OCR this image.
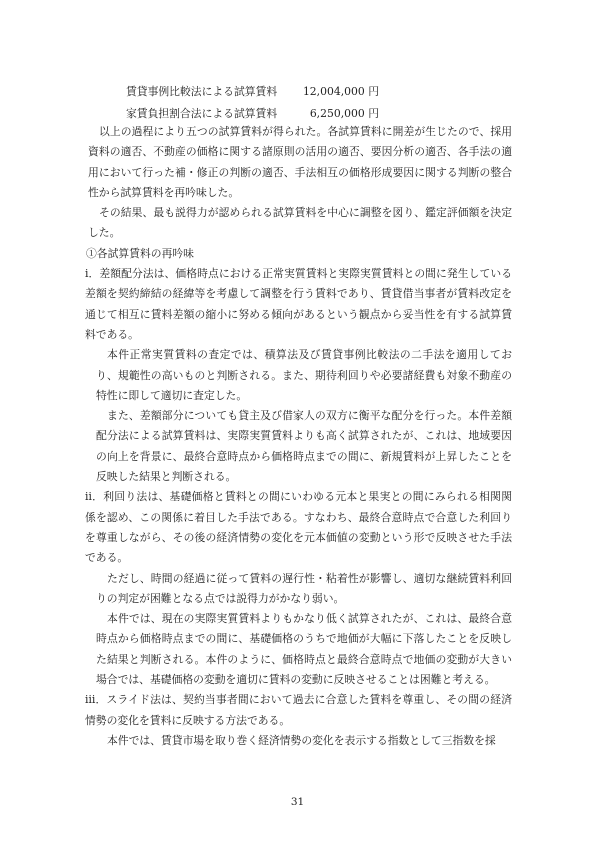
賃貸事例比較法による試算賃料 12,004,000 円
家賃負担割合法による試算賃料	6,250,000 円

以上の過程により五つの試算賃料が得られた。各試算賃料に開差が生じたので、採用資料の適否、不動産の価格に関する諸原則の活用の適否、要因分析の適否、各手法の適用において行った補・修正の判断の適否、手法相互の価格形成要因に関する判断の整合性から試算賃料を再吟味した。

その結果、最も説得力が認められる試算賃料を中心に調整を図り、鑑定評価額を決定した。

①各試算賃料の再吟味

ⅰ．差額配分法は、価格時点における正常実質賃料と実際実質賃料との間に発生している差額を契約締結の経緯等を考慮して調整を行う賃料であり、賃貸借当事者が賃料改定を通じて相互に賃料差額の縮小に努める傾向があるという観点から妥当性を有する試算賃料である。

本件正常実質賃料の査定では、積算法及び賃貸事例比較法の二手法を適用しており、規範性の高いものと判断される。また、期待利回りや必要諸経費も対象不動産の特性に即して適切に査定した。

また、差額部分についても貸主及び借家人の双方に衡平な配分を行った。本件差額配分法による試算賃料は、実際実質賃料よりも高く試算されたが、これは、地域要因の向上を背景に、最終合意時点から価格時点までの間に、新規賃料が上昇したことを反映した結果と判断される。

ⅱ．利回り法は、基礎価格と賃料との間にいわゆる元本と果実との間にみられる相関関係を認め、この関係に着目した手法である。すなわち、最終合意時点で合意した利回りを尊重しながら、その後の経済情勢の変化を元本価値の変動という形で反映させた手法である。

ただし、時間の経過に従って賃料の遅行性・粘着性が影響し、適切な継続賃料利回りの判定が困難となる点では説得力がかなり弱い。

本件では、現在の実際実質賃料よりもかなり低く試算されたが、これは、最終合意時点から価格時点までの間に、基礎価格のうちで地価が大幅に下落したことを反映した結果と判断される。本件のように、価格時点と最終合意時点で地価の変動が大きい場合では、基礎価格の変動を適切に賃料の変動に反映させることは困難と考える。

ⅲ．スライド法は、契約当事者間において過去に合意した賃料を尊重し、その間の経済情勢の変化を賃料に反映する方法である。

本件では、賃貸市場を取り巻く経済情勢の変化を表示する指数として三指数を採

31
